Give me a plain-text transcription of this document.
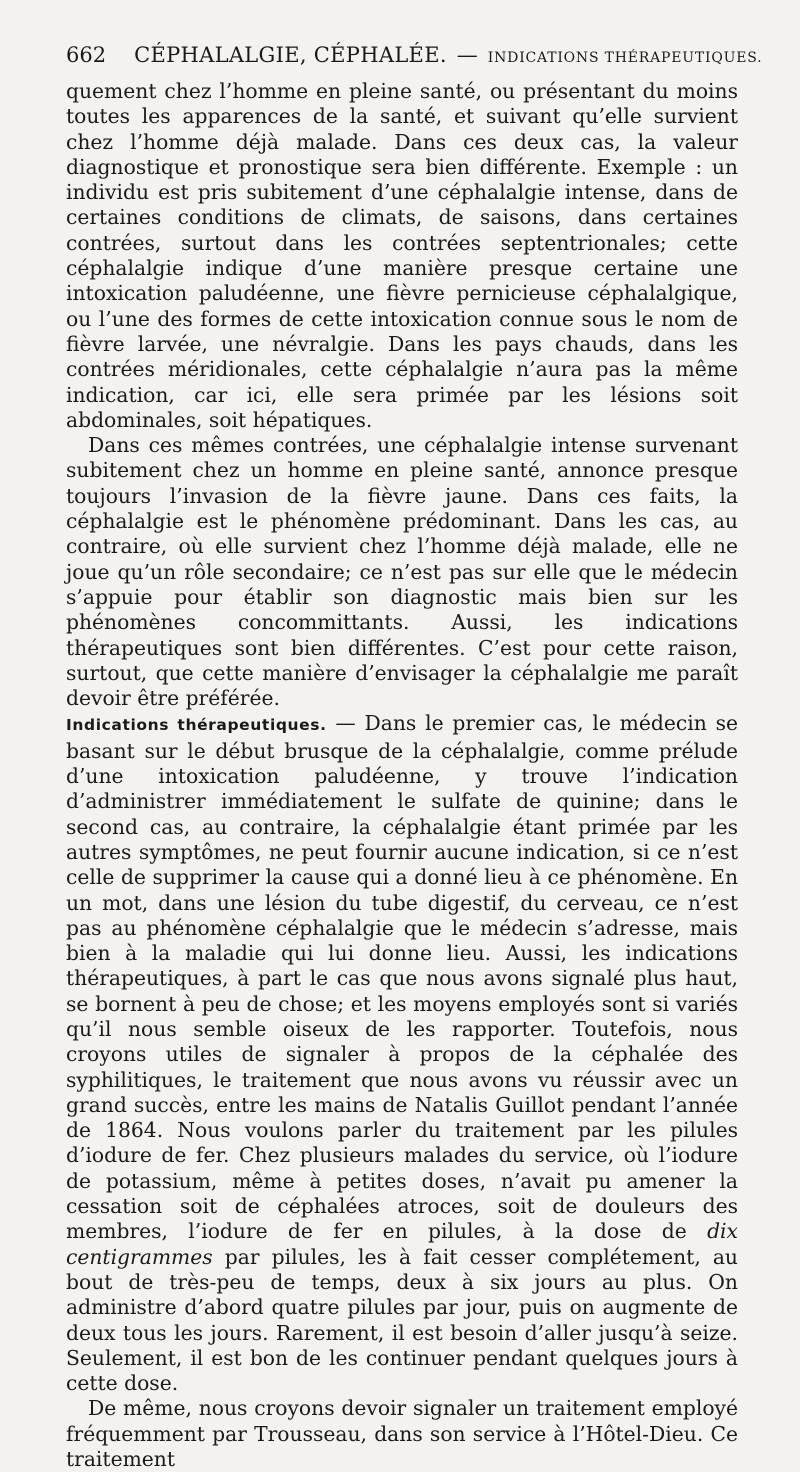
662 CÉPHALALGIE, CÉPHALÉE. — INDICATIONS THÉRAPEUTIQUES.

quement chez l’homme en pleine santé, ou présentant du moins toutes les apparences de la santé, et suivant qu’elle survient chez l’homme déjà malade. Dans ces deux cas, la valeur diagnostique et pronostique sera bien différente. Exemple : un individu est pris subitement d’une céphalalgie intense, dans de certaines conditions de climats, de saisons, dans certaines contrées, surtout dans les contrées septentrionales; cette céphalalgie indique d’une manière presque certaine une intoxication paludéenne, une fièvre pernicieuse céphalalgique, ou l’une des formes de cette intoxication connue sous le nom de fièvre larvée, une névralgie. Dans les pays chauds, dans les contrées méridionales, cette céphalalgie n’aura pas la même indication, car ici, elle sera primée par les lésions soit abdominales, soit hépatiques.

Dans ces mêmes contrées, une céphalalgie intense survenant subitement chez un homme en pleine santé, annonce presque toujours l’invasion de la fièvre jaune. Dans ces faits, la céphalalgie est le phénomène prédominant. Dans les cas, au contraire, où elle survient chez l’homme déjà malade, elle ne joue qu’un rôle secondaire; ce n’est pas sur elle que le médecin s’appuie pour établir son diagnostic mais bien sur les phénomènes concommittants. Aussi, les indications thérapeutiques sont bien différentes. C’est pour cette raison, surtout, que cette manière d’envisager la céphalalgie me paraît devoir être préférée.

Indications thérapeutiques. — Dans le premier cas, le médecin se basant sur le début brusque de la céphalalgie, comme prélude d’une intoxication paludéenne, y trouve l’indication d’administrer immédiatement le sulfate de quinine; dans le second cas, au contraire, la céphalalgie étant primée par les autres symptômes, ne peut fournir aucune indication, si ce n’est celle de supprimer la cause qui a donné lieu à ce phénomène. En un mot, dans une lésion du tube digestif, du cerveau, ce n’est pas au phénomène céphalalgie que le médecin s’adresse, mais bien à la maladie qui lui donne lieu. Aussi, les indications thérapeutiques, à part le cas que nous avons signalé plus haut, se bornent à peu de chose; et les moyens employés sont si variés qu’il nous semble oiseux de les rapporter. Toutefois, nous croyons utiles de signaler à propos de la céphalée des syphilitiques, le traitement que nous avons vu réussir avec un grand succès, entre les mains de Natalis Guillot pendant l’année de 1864. Nous voulons parler du traitement par les pilules d’iodure de fer. Chez plusieurs malades du service, où l’iodure de potassium, même à petites doses, n’avait pu amener la cessation soit de céphalées atroces, soit de douleurs des membres, l’iodure de fer en pilules, à la dose de dix centigrammes par pilules, les à fait cesser complétement, au bout de très-peu de temps, deux à six jours au plus. On administre d’abord quatre pilules par jour, puis on augmente de deux tous les jours. Rarement, il est besoin d’aller jusqu’à seize. Seulement, il est bon de les continuer pendant quelques jours à cette dose.

De même, nous croyons devoir signaler un traitement employé fréquemment par Trousseau, dans son service à l’Hôtel-Dieu. Ce traitement
